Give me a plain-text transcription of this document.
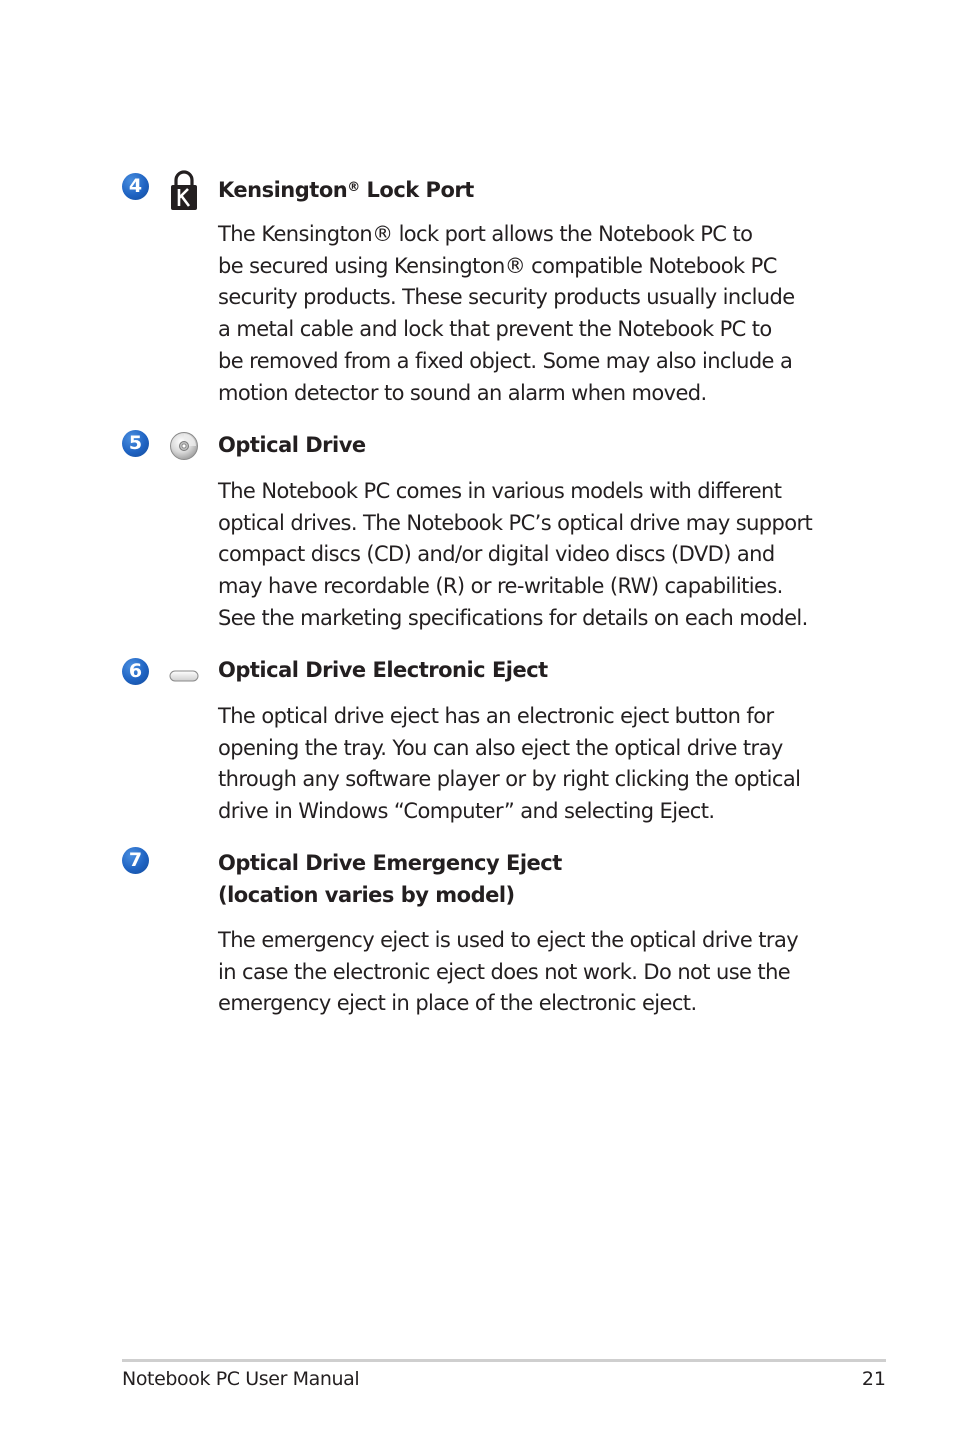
4	Kensington® Lock Port

The Kensington® lock port allows the Notebook PC to
be secured using Kensington® compatible Notebook PC
security products. These security products usually include
a metal cable and lock that prevent the Notebook PC to
be removed from a fixed object. Some may also include a
motion detector to sound an alarm when moved.

5	Optical Drive

The Notebook PC comes in various models with different
optical drives. The Notebook PC’s optical drive may support
compact discs (CD) and/or digital video discs (DVD) and
may have recordable (R) or re-writable (RW) capabilities.
See the marketing specifications for details on each model.

6	Optical Drive Electronic Eject

The optical drive eject has an electronic eject button for
opening the tray. You can also eject the optical drive tray
through any software player or by right clicking the optical
drive in Windows “Computer” and selecting Eject.

7	Optical Drive Emergency Eject
(location varies by model)

The emergency eject is used to eject the optical drive tray
in case the electronic eject does not work. Do not use the
emergency eject in place of the electronic eject.

Notebook PC User Manual	21
